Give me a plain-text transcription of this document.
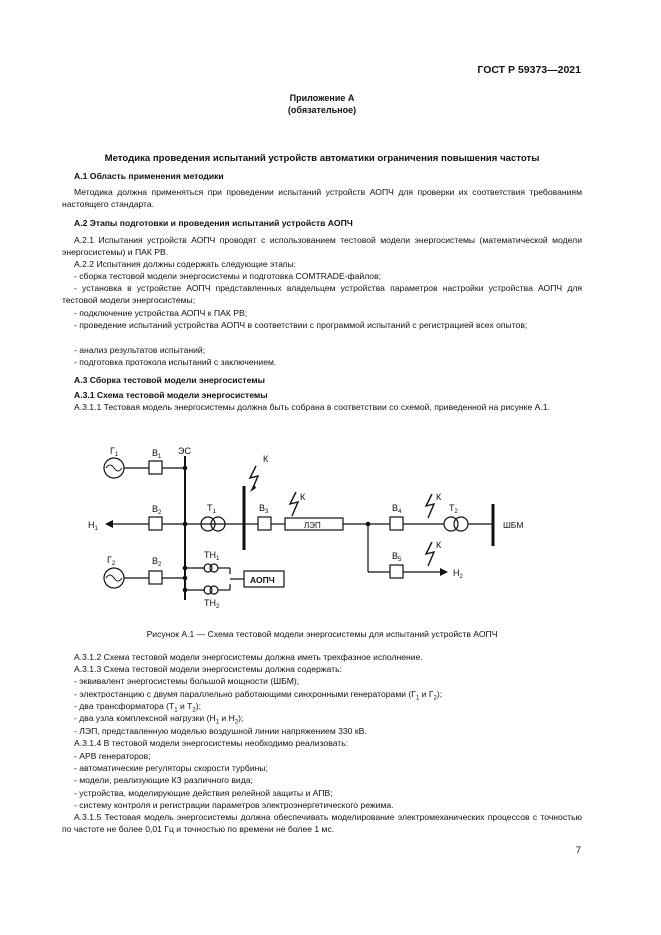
ГОСТ Р 59373—2021
Приложение А
(обязательное)
Методика проведения испытаний устройств автоматики ограничения повышения частоты
А.1 Область применения методики
Методика должна применяться при проведении испытаний устройств АОПЧ для проверки их соответствия требованиям настоящего стандарта.
А.2 Этапы подготовки и проведения испытаний устройств АОПЧ
А.2.1 Испытания устройств АОПЧ проводят с использованием тестовой модели энергосистемы (математической модели энергосистемы) и ПАК РВ.
А.2.2 Испытания должны содержать следующие этапы:
- сборка тестовой модели энергосистемы и подготовка COMTRADE-файлов;
- установка в устройстве АОПЧ представленных владельцем устройства параметров настройки устройства АОПЧ для тестовой модели энергосистемы;
- подключение устройства АОПЧ к ПАК РВ;
- проведение испытаний устройства АОПЧ в соответствии с программой испытаний с регистрацией всех опытов;
- анализ результатов испытаний;
- подготовка протокола испытаний с заключением.
А.3 Сборка тестовой модели энергосистемы
А.3.1 Схема тестовой модели энергосистемы
А.3.1.1 Тестовая модель энергосистемы должна быть собрана в соответствии со схемой, приведенной на рисунке А.1.
$Г_1$	$В_1$
ЭС
$Н_1$
$В_2$	$Т_1$
$Г_2$	$В_2$
$ТН_1$
$ТН_2$
АОПЧ
К
$В_3$
К
ЛЭП
$В_4$
К
$Т_2$
ШБМ
$В_5$
К
$Н_2$
Рисунок А.1 — Схема тестовой модели энергосистемы для испытаний устройств АОПЧ
А.3.1.2 Схема тестовой модели энергосистемы должна иметь трехфазное исполнение.
А.3.1.3 Схема тестовой модели энергосистемы должна содержать:
- эквивалент энергосистемы большой мощности (ШБМ);
- электростанцию с двумя параллельно работающими синхронными генераторами ($Г_1$ и $Г_2$);
- два трансформатора ($Т_1$ и $Т_2$);
- два узла комплексной нагрузки ($Н_1$ и $Н_2$);
- ЛЭП, представленную моделью воздушной линии напряжением 330 кВ.
А.3.1.4 В тестовой модели энергосистемы необходимо реализовать:
- АРВ генераторов;
- автоматические регуляторы скорости турбины;
- модели, реализующие КЗ различного вида;
- устройства, моделирующие действия релейной защиты и АПВ;
- систему контроля и регистрации параметров электроэнергетического режима.
А.3.1.5 Тестовая модель энергосистемы должна обеспечивать моделирование электромеханических процессов с точностью по частоте не более 0,01 Гц и точностью по времени не более 1 мс.
7
